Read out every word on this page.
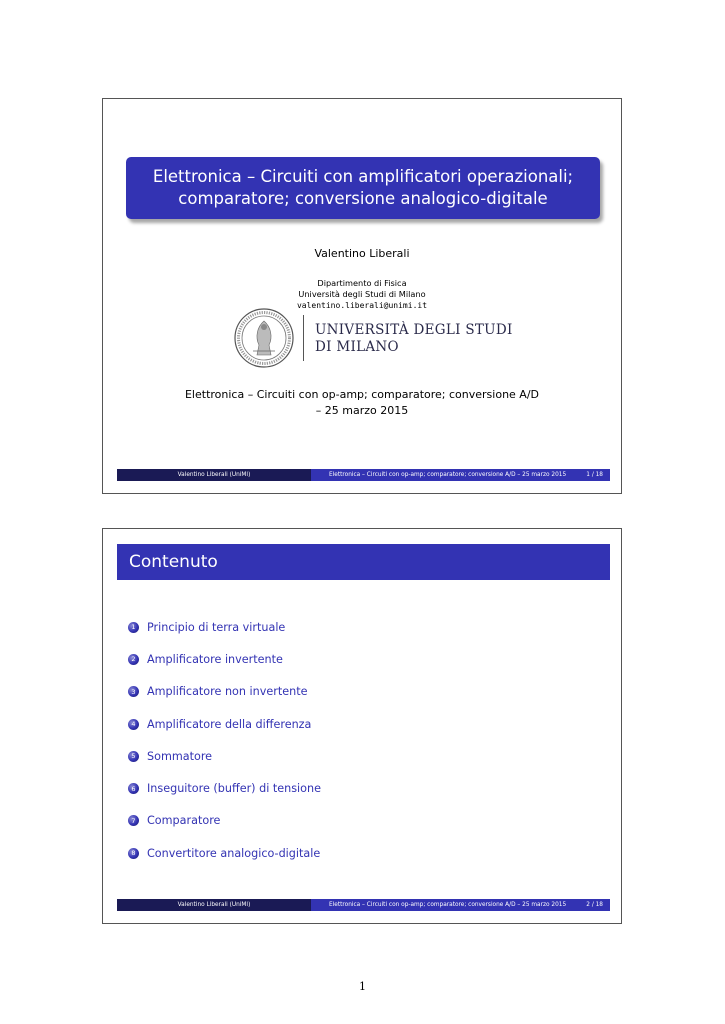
Elettronica – Circuiti con amplificatori operazionali;
comparatore; conversione analogico-digitale
Valentino Liberali
Dipartimento di Fisica
Università degli Studi di Milano
valentino.liberali@unimi.it
UNIVERSITÀ DEGLI STUDI
DI MILANO
Elettronica – Circuiti con op-amp; comparatore; conversione A/D
– 25 marzo 2015
Valentino Liberali (UniMI)	Elettronica – Circuiti con op-amp; comparatore; conversione A/D – 25 marzo 2015	1 / 18
Contenuto
1	Principio di terra virtuale
2	Amplificatore invertente
3	Amplificatore non invertente
4	Amplificatore della differenza
5	Sommatore
6	Inseguitore (buffer) di tensione
7	Comparatore
8	Convertitore analogico-digitale
Valentino Liberali (UniMI)	Elettronica – Circuiti con op-amp; comparatore; conversione A/D – 25 marzo 2015	2 / 18
1
